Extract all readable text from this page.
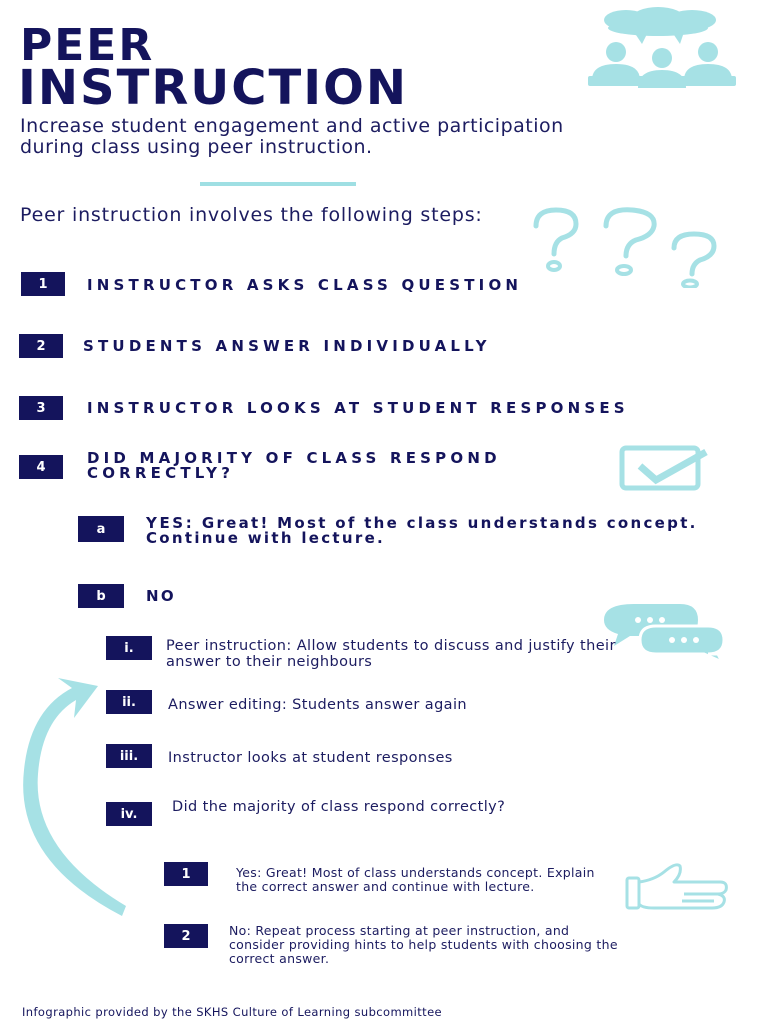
PEER
INSTRUCTION
Increase student engagement and active participation during class using peer instruction.
Peer instruction involves the following steps:
1	INSTRUCTOR ASKS CLASS QUESTION
2	STUDENTS ANSWER INDIVIDUALLY
3	INSTRUCTOR LOOKS AT STUDENT RESPONSES
4	DID MAJORITY OF CLASS RESPOND CORRECTLY?
a	YES: Great! Most of the class understands concept. Continue with lecture.
b	NO
i.	Peer instruction: Allow students to discuss and justify their answer to their neighbours
ii.	Answer editing: Students answer again
iii.	Instructor looks at student responses
iv.	Did the majority of class respond correctly?
1	Yes: Great! Most of class understands concept. Explain the correct answer and continue with lecture.
2	No: Repeat process starting at peer instruction, and consider providing hints to help students with choosing the correct answer.
Infographic provided by the SKHS Culture of Learning subcommittee
